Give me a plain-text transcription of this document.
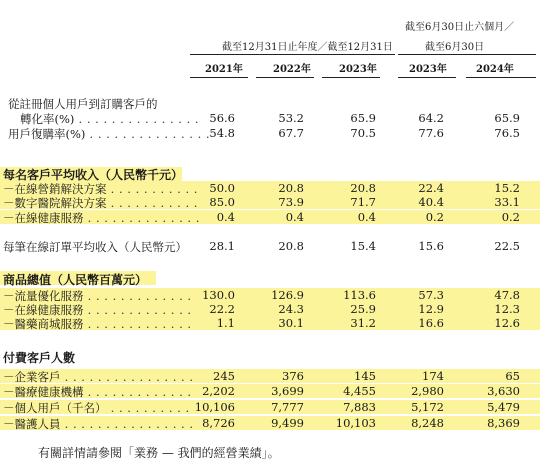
截至6月30日止六個月／
截至6月30日
截至12月31日止年度／截至12月31日
2021年	2022年	2023年	2023年	2024年
從註冊個人用戶到訂購客戶的
轉化率(%) . . . . . . . . . . . . . . . 56.6	53.2	65.9	64.2	65.9
用戶復購率(%) . . . . . . . . . . . . . . . 54.8	67.7	70.5	77.6	76.5
每名客戶平均收入（人民幣千元）
－在線營銷解決方案 . . . . . . . . . . . 50.0	20.8	20.8	22.4	15.2
－數字醫院解決方案 . . . . . . . . . . . 85.0	73.9	71.7	40.4	33.1
－在線健康服務 . . . . . . . . . . . . . .	0.4	0.4	0.4	0.2	0.2
每筆在線訂單平均收入（人民幣元）	28.1	20.8	15.4	15.6	22.5
商品總值（人民幣百萬元）
－流量優化服務 . . . . . . . . . . . . . 130.0	126.9	113.6	57.3	47.8
－在線健康服務 . . . . . . . . . . . . .	22.2	24.3	25.9	12.9	12.3
－醫藥商城服務 . . . . . . . . . . . . .	1.1	30.1	31.2	16.6	12.6
付費客戶人數
－企業客戶 . . . . . . . . . . . . . . . .	245	376	145	174	65
－醫療健康機構 . . . . . . . . . . . . . 2,202	3,699	4,455	2,980	3,630
－個人用戶（千名） . . . . . . . . . . 10,106	7,777	7,883	5,172	5,479
－醫護人員 . . . . . . . . . . . . . . . . 8,726	9,499	10,103	8,248	8,369
有關詳情請參閱「業務 — 我們的經營業績」。
